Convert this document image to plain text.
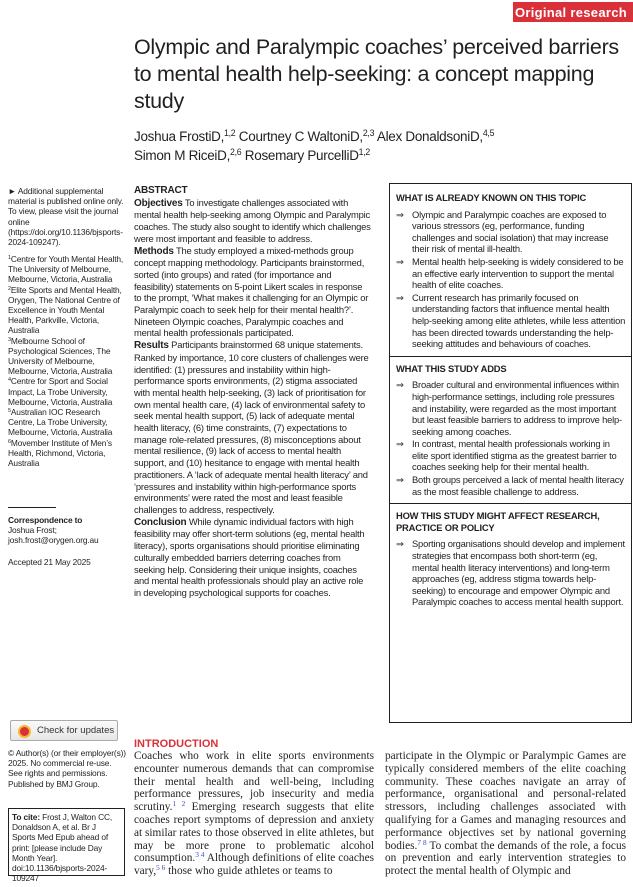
Original research
Olympic and Paralympic coaches’ perceived barriers to mental health help-seeking: a concept mapping study
Joshua FrostiD,$^{1,2}$ Courtney C WaltoniD,$^{2,3}$ Alex DonaldsoniD,$^{4,5}$
Simon M RiceiD,$^{2,6}$ Rosemary PurcelliD$^{1,2}$
► Additional supplemental material is published online only. To view, please visit the journal online (https://doi.org/10.1136/bjsports-2024-109247).
$^1$Centre for Youth Mental Health, The University of Melbourne, Melbourne, Victoria, Australia
$^2$Elite Sports and Mental Health, Orygen, The National Centre of Excellence in Youth Mental Health, Parkville, Victoria, Australia
$^3$Melbourne School of Psychological Sciences, The University of Melbourne, Melbourne, Victoria, Australia
$^4$Centre for Sport and Social Impact, La Trobe University, Melbourne, Victoria, Australia
$^5$Australian IOC Research Centre, La Trobe University, Melbourne, Victoria, Australia
$^6$Movember Institute of Men’s Health, Richmond, Victoria, Australia
Correspondence to
Joshua Frost; josh.frost@orygen.org.au
Accepted 21 May 2025
Check for updates
© Author(s) (or their employer(s)) 2025. No commercial re-use. See rights and permissions. Published by BMJ Group.
To cite: Frost J, Walton CC, Donaldson A, et al. Br J Sports Med Epub ahead of print: [please include Day Month Year]. doi:10.1136/bjsports-2024-109247
ABSTRACT
Objectives To investigate challenges associated with mental health help-seeking among Olympic and Paralympic coaches. The study also sought to identify which challenges were most important and feasible to address.
Methods The study employed a mixed-methods group concept mapping methodology. Participants brainstormed, sorted (into groups) and rated (for importance and feasibility) statements on 5-point Likert scales in response to the prompt, ‘What makes it challenging for an Olympic or Paralympic coach to seek help for their mental health?’. Nineteen Olympic coaches, Paralympic coaches and mental health professionals participated.
Results Participants brainstormed 68 unique statements. Ranked by importance, 10 core clusters of challenges were identified: (1) pressures and instability within high-performance sports environments, (2) stigma associated with mental health help-seeking, (3) lack of prioritisation for own mental health care, (4) lack of environmental safety to seek mental health support, (5) lack of adequate mental health literacy, (6) time constraints, (7) expectations to manage role-related pressures, (8) misconceptions about mental resilience, (9) lack of access to mental health support, and (10) hesitance to engage with mental health practitioners. A ‘lack of adequate mental health literacy’ and ‘pressures and instability within high-performance sports environments’ were rated the most and least feasible challenges to address, respectively.
Conclusion While dynamic individual factors with high feasibility may offer short-term solutions (eg, mental health literacy), sports organisations should prioritise eliminating culturally embedded barriers deterring coaches from seeking help. Considering their unique insights, coaches and mental health professionals should play an active role in developing psychological supports for coaches.
WHAT IS ALREADY KNOWN ON THIS TOPIC
⇒ Olympic and Paralympic coaches are exposed to various stressors (eg, performance, funding challenges and social isolation) that may increase their risk of mental ill-health.
⇒ Mental health help-seeking is widely considered to be an effective early intervention to support the mental health of elite coaches.
⇒ Current research has primarily focused on understanding factors that influence mental health help-seeking among elite athletes, while less attention has been directed towards understanding the help-seeking attitudes and behaviours of coaches.
WHAT THIS STUDY ADDS
⇒ Broader cultural and environmental influences within high-performance settings, including role pressures and instability, were regarded as the most important but least feasible barriers to address to improve help-seeking among coaches.
⇒ In contrast, mental health professionals working in elite sport identified stigma as the greatest barrier to coaches seeking help for their mental health.
⇒ Both groups perceived a lack of mental health literacy as the most feasible challenge to address.
HOW THIS STUDY MIGHT AFFECT RESEARCH, PRACTICE OR POLICY
⇒ Sporting organisations should develop and implement strategies that encompass both short-term (eg, mental health literacy interventions) and long-term approaches (eg, address stigma towards help-seeking) to encourage and empower Olympic and Paralympic coaches to access mental health support.
INTRODUCTION
Coaches who work in elite sports environments encounter numerous demands that can compromise their mental health and well-being, including performance pressures, job insecurity and media scrutiny.$^{1 2}$ Emerging research suggests that elite coaches report symptoms of depression and anxiety at similar rates to those observed in elite athletes, but may be more prone to problematic alcohol consumption.$^{3 4}$ Although definitions of elite coaches vary,$^{5 6}$ those who guide athletes or teams to
participate in the Olympic or Paralympic Games are typically considered members of the elite coaching community. These coaches navigate an array of performance, organisational and personal-related stressors, including challenges associated with qualifying for a Games and managing resources and performance objectives set by national governing bodies.$^{7 8}$ To combat the demands of the role, a focus on prevention and early intervention strategies to protect the mental health of Olympic and
